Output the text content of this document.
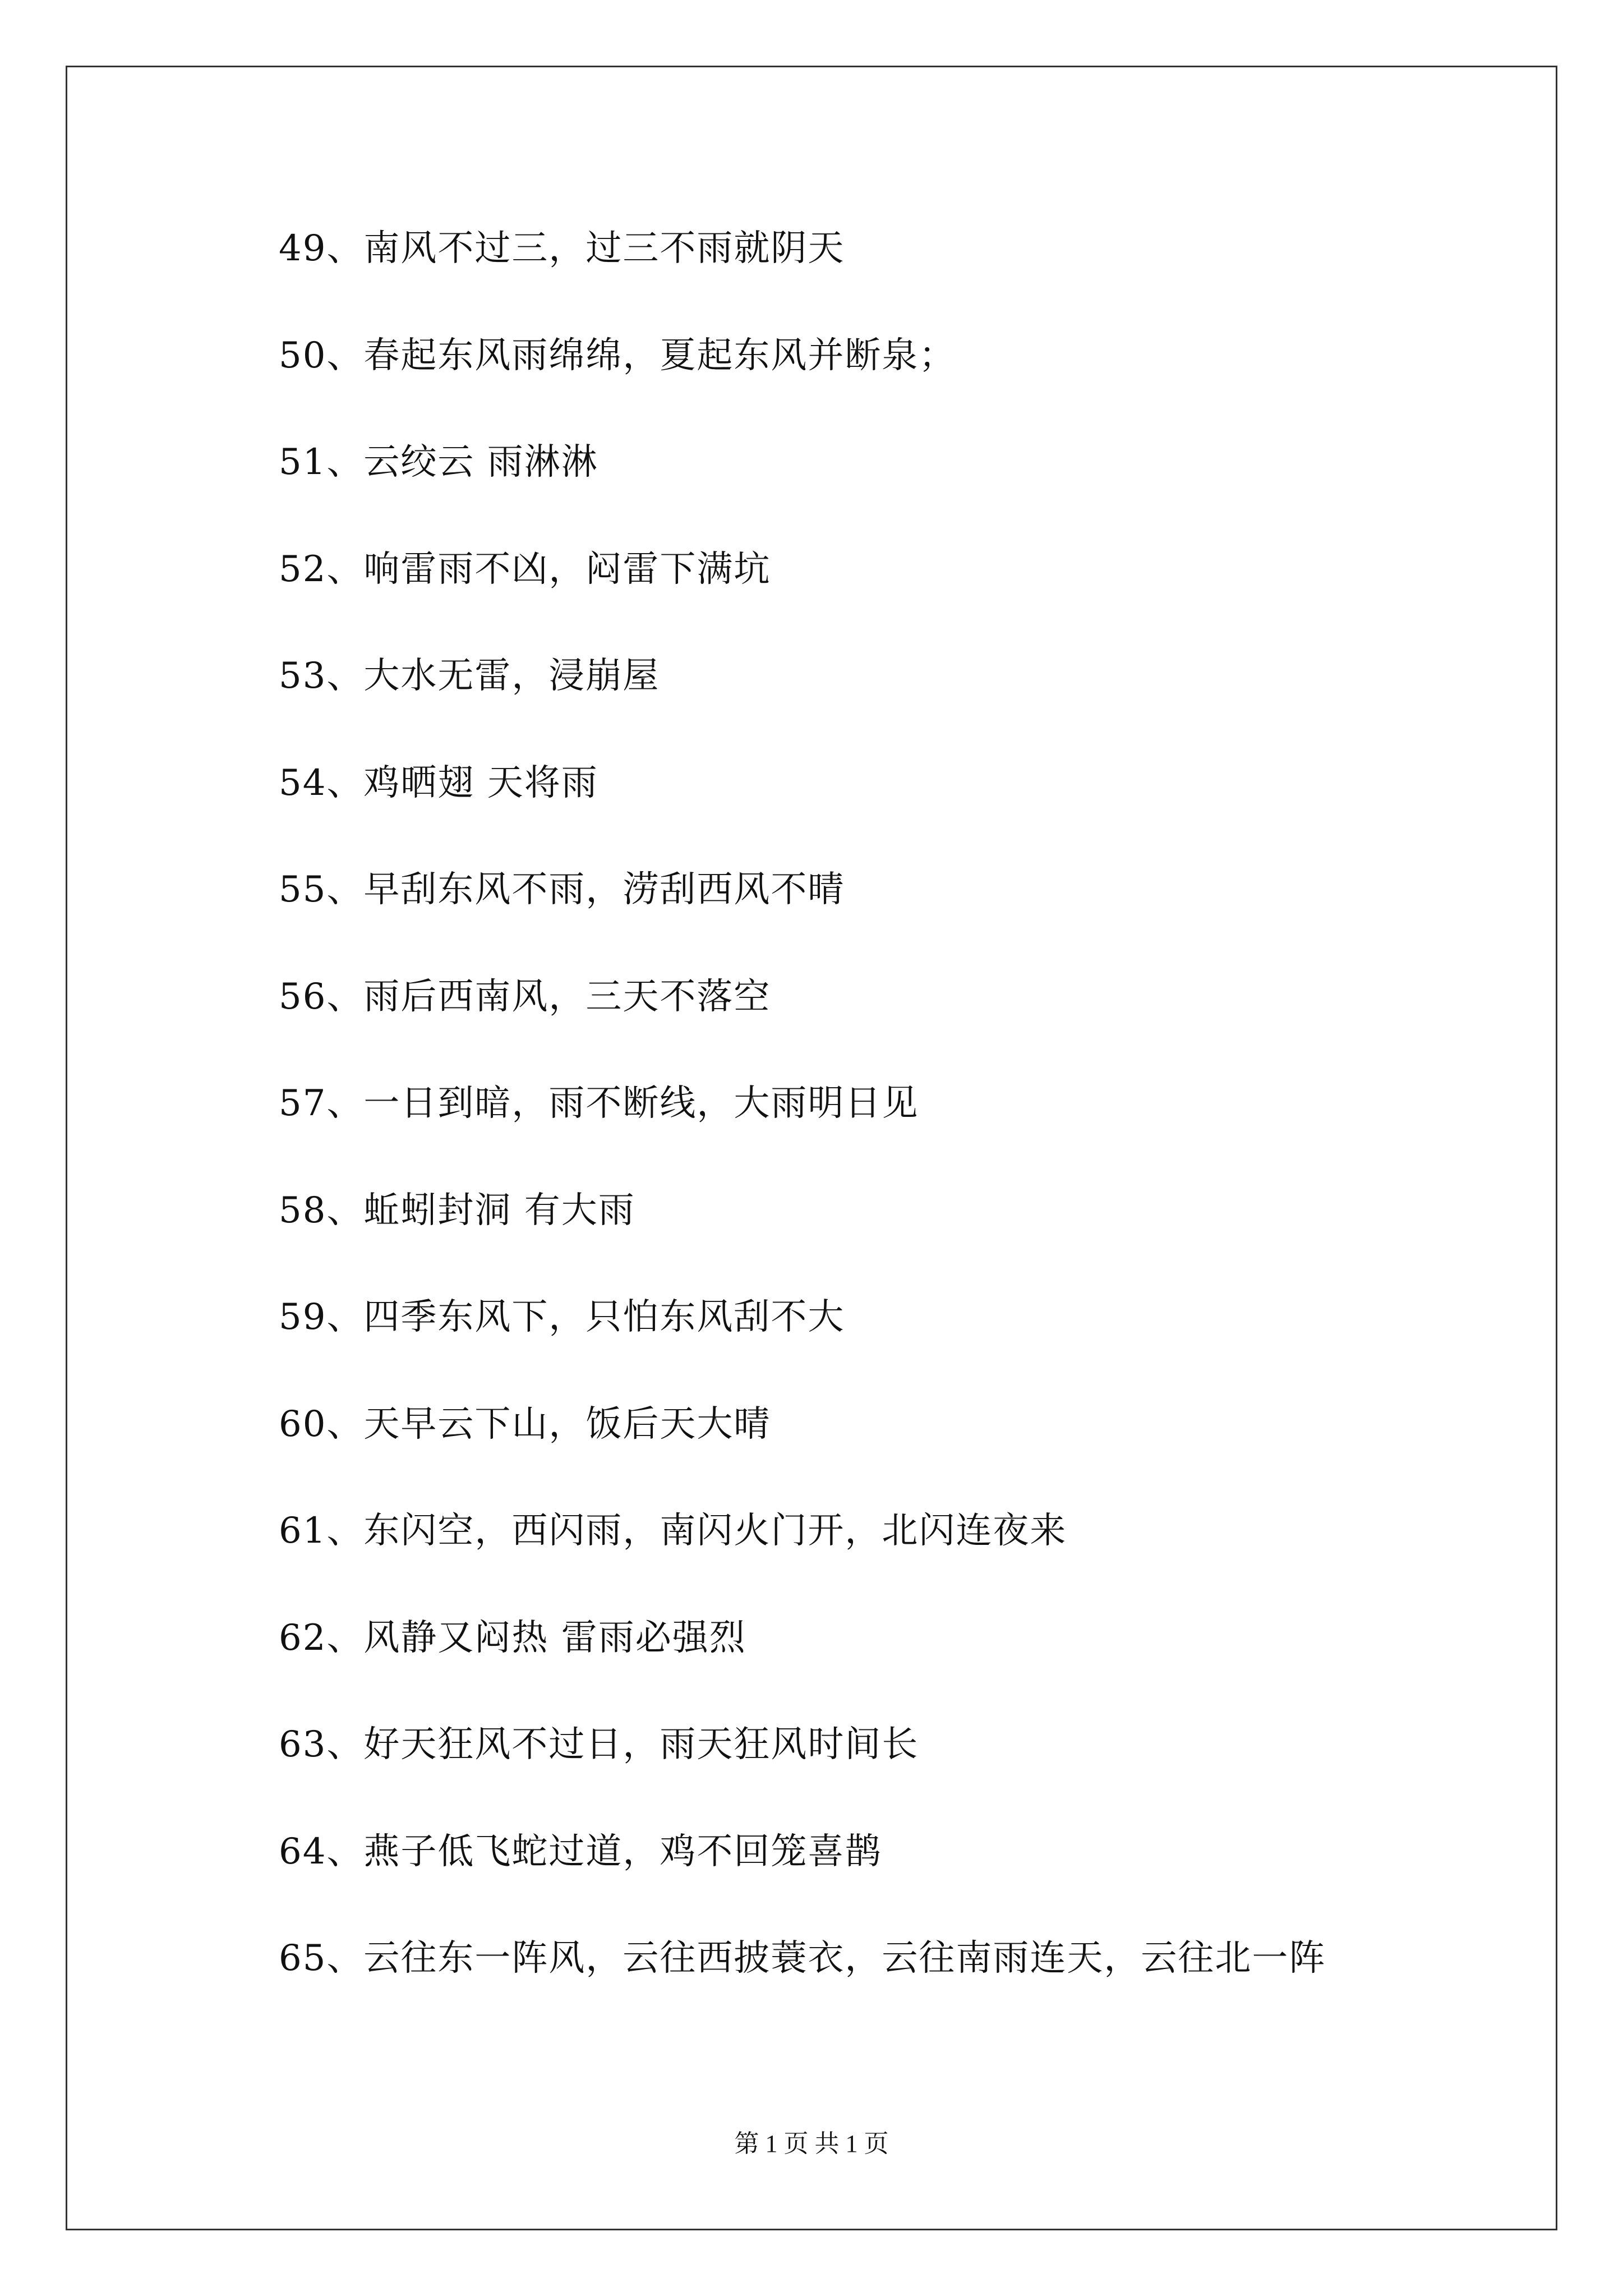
49、南风不过三，过三不雨就阴天
50、春起东风雨绵绵，夏起东风并断泉；
51、云绞云 雨淋淋
52、响雷雨不凶，闷雷下满坑
53、大水无雷，浸崩屋
54、鸡晒翅 天将雨
55、早刮东风不雨，涝刮西风不晴
56、雨后西南风，三天不落空
57、一日到暗，雨不断线，大雨明日见
58、蚯蚓封洞 有大雨
59、四季东风下，只怕东风刮不大
60、天早云下山，饭后天大晴
61、东闪空，西闪雨，南闪火门开，北闪连夜来
62、风静又闷热 雷雨必强烈
63、好天狂风不过日，雨天狂风时间长
64、燕子低飞蛇过道，鸡不回笼喜鹊
65、云往东一阵风，云往西披蓑衣，云往南雨连天，云往北一阵
第 1 页 共 1 页
